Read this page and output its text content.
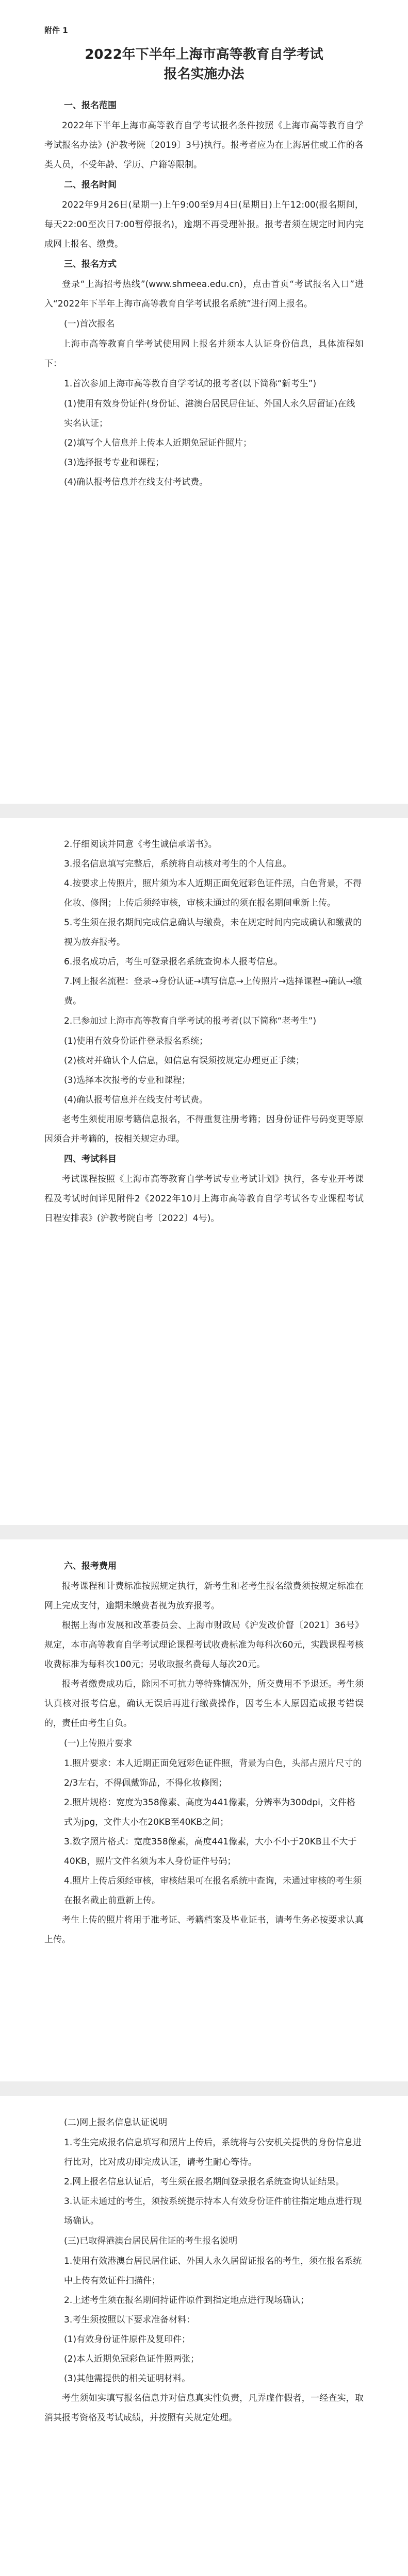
附件 1

2022年下半年上海市高等教育自学考试

报名实施办法

一、报名范围

2022年下半年上海市高等教育自学考试报名条件按照《上海市高等教育自学考试报名办法》(沪教考院〔2019〕3号)执行。报考者应为在上海居住或工作的各类人员，不受年龄、学历、户籍等限制。

二、报名时间

2022年9月26日(星期一)上午9:00至9月4日(星期日)上午12:00(报名期间，每天22:00至次日7:00暂停报名)，逾期不再受理补报。报考者须在规定时间内完成网上报名、缴费。

三、报名方式

登录“上海招考热线”(www.shmeea.edu.cn)，点击首页“考试报名入口”进入“2022年下半年上海市高等教育自学考试报名系统”进行网上报名。

(一)首次报名

上海市高等教育自学考试使用网上报名并须本人认证身份信息，具体流程如下：

1.首次参加上海市高等教育自学考试的报考者(以下简称“新考生”)

(1)使用有效身份证件(身份证、港澳台居民居住证、外国人永久居留证)在线实名认证；

(2)填写个人信息并上传本人近期免冠证件照片；

(3)选择报考专业和课程；

(4)确认报考信息并在线支付考试费。

2.仔细阅读并同意《考生诚信承诺书》。

3.报名信息填写完整后，系统将自动核对考生的个人信息。

4.按要求上传照片，照片须为本人近期正面免冠彩色证件照，白色背景，不得化妆、修图；上传后须经审核，审核未通过的须在报名期间重新上传。

5.考生须在报名期间完成信息确认与缴费，未在规定时间内完成确认和缴费的视为放弃报考。

6.报名成功后，考生可登录报名系统查询本人报考信息。

7.网上报名流程：登录→身份认证→填写信息→上传照片→选择课程→确认→缴费。

2.已参加过上海市高等教育自学考试的报考者(以下简称“老考生”)

(1)使用有效身份证件登录报名系统；

(2)核对并确认个人信息，如信息有误须按规定办理更正手续；

(3)选择本次报考的专业和课程；

(4)确认报考信息并在线支付考试费。

老考生须使用原考籍信息报名，不得重复注册考籍；因身份证件号码变更等原因须合并考籍的，按相关规定办理。

四、考试科目

考试课程按照《上海市高等教育自学考试专业考试计划》执行，各专业开考课程及考试时间详见附件2《2022年10月上海市高等教育自学考试各专业课程考试日程安排表》(沪教考院自考〔2022〕4号)。

六、报考费用

报考课程和计费标准按照规定执行，新考生和老考生报名缴费须按规定标准在网上完成支付，逾期未缴费者视为放弃报考。

根据上海市发展和改革委员会、上海市财政局《沪发改价督〔2021〕36号》规定，本市高等教育自学考试理论课程考试收费标准为每科次60元，实践课程考核收费标准为每科次100元；另收取报名费每人每次20元。

报考者缴费成功后，除因不可抗力等特殊情况外，所交费用不予退还。考生须认真核对报考信息，确认无误后再进行缴费操作，因考生本人原因造成报考错误的，责任由考生自负。

(一)上传照片要求

1.照片要求：本人近期正面免冠彩色证件照，背景为白色，头部占照片尺寸的2/3左右，不得佩戴饰品，不得化妆修图；

2.照片规格：宽度为358像素、高度为441像素，分辨率为300dpi，文件格式为jpg，文件大小在20KB至40KB之间；

3.数字照片格式：宽度358像素，高度441像素，大小不小于20KB且不大于40KB，照片文件名须为本人身份证件号码；

4.照片上传后须经审核，审核结果可在报名系统中查询，未通过审核的考生须在报名截止前重新上传。

考生上传的照片将用于准考证、考籍档案及毕业证书，请考生务必按要求认真上传。

(二)网上报名信息认证说明

1.考生完成报名信息填写和照片上传后，系统将与公安机关提供的身份信息进行比对，比对成功即完成认证，请考生耐心等待。

2.网上报名信息认证后，考生须在报名期间登录报名系统查询认证结果。

3.认证未通过的考生，须按系统提示持本人有效身份证件前往指定地点进行现场确认。

(三)已取得港澳台居民居住证的考生报名说明

1.使用有效港澳台居民居住证、外国人永久居留证报名的考生，须在报名系统中上传有效证件扫描件；

2.上述考生须在报名期间持证件原件到指定地点进行现场确认；

3.考生须按照以下要求准备材料：

(1)有效身份证件原件及复印件；

(2)本人近期免冠彩色证件照两张；

(3)其他需提供的相关证明材料。

考生须如实填写报名信息并对信息真实性负责，凡弄虚作假者，一经查实，取消其报考资格及考试成绩，并按照有关规定处理。
